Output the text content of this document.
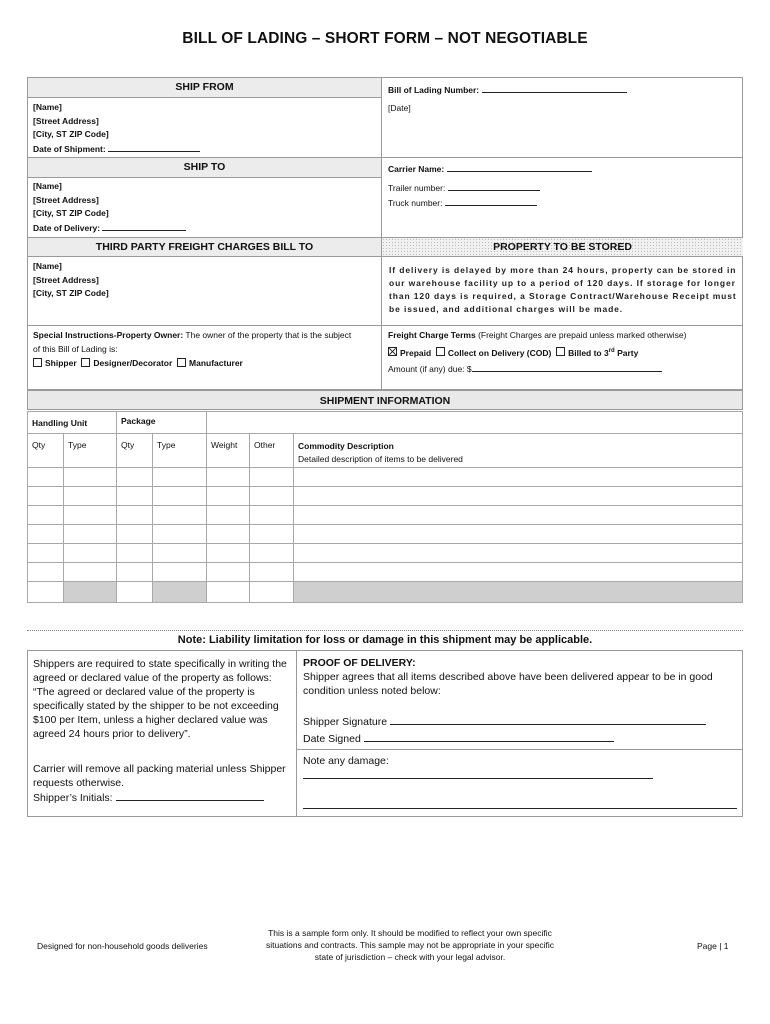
BILL OF LADING – SHORT FORM – NOT NEGOTIABLE
SHIP FROM
[Name]
[Street Address]
[City, ST ZIP Code]
Date of Shipment:
Bill of Lading Number:
[Date]
SHIP TO
[Name]
[Street Address]
[City, ST ZIP Code]
Date of Delivery:
Carrier Name:
Trailer number:
Truck number:
THIRD PARTY FREIGHT CHARGES BILL TO	PROPERTY TO BE STORED
[Name]
[Street Address]
[City, ST ZIP Code]
If delivery is delayed by more than 24 hours, property can be stored in
our warehouse facility up to a period of 120 days. If storage for longer
than 120 days is required, a Storage Contract/Warehouse Receipt must
be issued, and additional charges will be made.
Special Instructions-Property Owner: The owner of the property that is the subject
of this Bill of Lading is:
Shipper Designer/Decorator Manufacturer
Freight Charge Terms (Freight Charges are prepaid unless marked otherwise)
Prepaid Collect on Delivery (COD) Billed to 3rd Party
Amount (if any) due: $
SHIPMENT INFORMATION
Handling Unit		Package				
Qty	Type	Qty	Type	Weight	Other	Commodity Description
Detailed description of items to be delivered

Note: Liability limitation for loss or damage in this shipment may be applicable.
Shippers are required to state specifically in writing the
agreed or declared value of the property as follows:
“The agreed or declared value of the property is
specifically stated by the shipper to be not exceeding
$100 per Item, unless a higher declared value was
agreed 24 hours prior to delivery”.
Carrier will remove all packing material unless Shipper
requests otherwise.
Shipper’s Initials:
PROOF OF DELIVERY:
Shipper agrees that all items described above have been delivered appear to be in good
condition unless noted below:
Shipper Signature
Date Signed
Note any damage:
Designed for non-household goods deliveries
This is a sample form only. It should be modified to reflect your own specific
situations and contracts. This sample may not be appropriate in your specific
state of jurisdiction – check with your legal advisor.
Page | 1
